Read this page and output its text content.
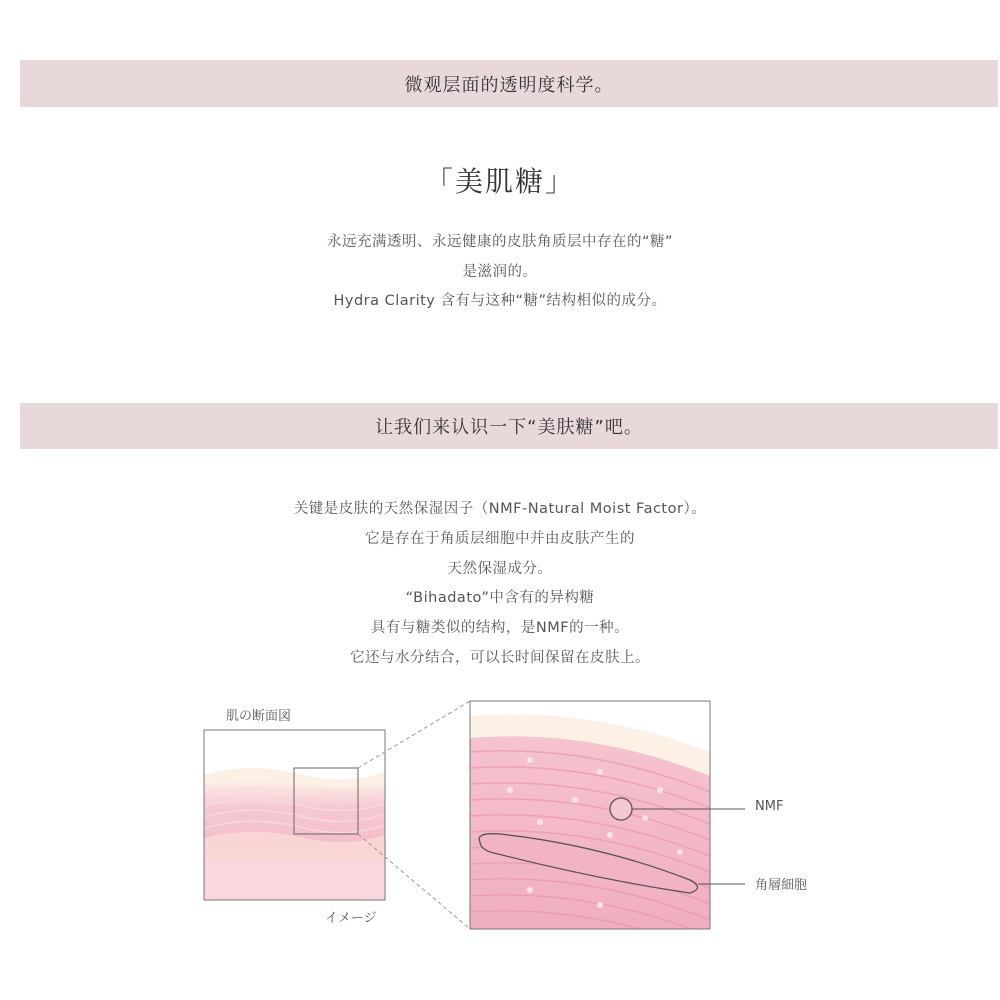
微观层面的透明度科学。
「美肌糖」
永远充满透明、永远健康的皮肤角质层中存在的“糖”
是滋润的。
Hydra Clarity 含有与这种“糖”结构相似的成分。
让我们来认识一下“美肤糖”吧。
关键是皮肤的天然保湿因子（NMF-Natural Moist Factor）。
它是存在于角质层细胞中并由皮肤产生的
天然保湿成分。
“Bihadato”中含有的异构糖
具有与糖类似的结构，是NMF的一种。
它还与水分结合，可以长时间保留在皮肤上。
肌の断面図
イメージ
NMF
角層細胞
